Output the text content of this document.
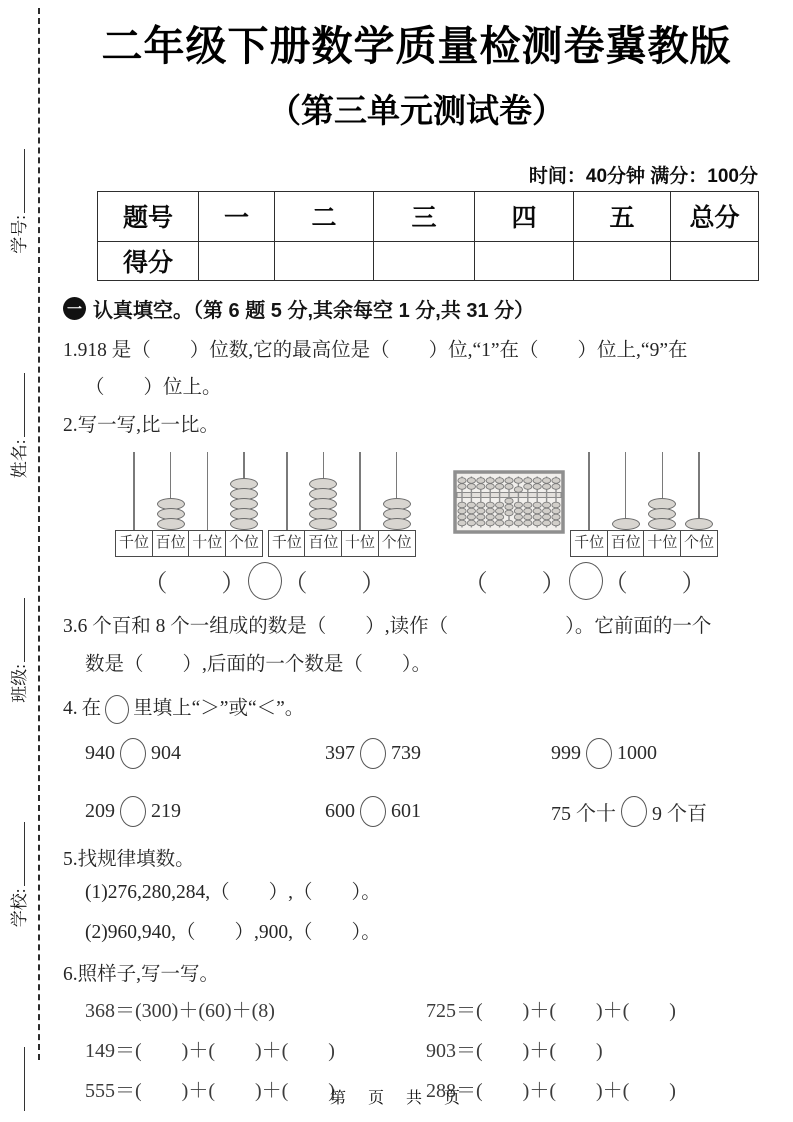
学校:
班级:
姓名:
学号:
二年级下册数学质量检测卷冀教版
（第三单元测试卷）
时间：40分钟 满分：100分
题号	一	二	三	四	五	总分
得分						
一 认真填空。（第 6 题 5 分,其余每空 1 分,共 31 分）
1.918 是（　　）位数,它的最高位是（　　）位,“1”在（　　）位上,“9”在
（　　）位上。
2.写一写,比一比。
千位 百位 十位 个位 千位 百位 十位 个位
（　　） （　　）
千位 百位 十位 个位
（　　） （　　）
3.6 个百和 8 个一组成的数是（　　）,读作（　　　　　　）。它前面的一个
数是（　　）,后面的一个数是（　　）。
4. 在 里填上“＞”或“＜”。
940 904	397 739	999 1000
209 219	600 601	75 个十 9 个百
5.找规律填数。
(1)276,280,284,（　　）,（　　）。
(2)960,940,（　　）,900,（　　）。
6.照样子,写一写。
368＝(300)＋(60)＋(8)	725＝(　　)＋(　　)＋(　　)
149＝(　　)＋(　　)＋(　　)	903＝(　　)＋(　　)
555＝(　　)＋(　　)＋(　　)	288＝(　　)＋(　　)＋(　　)
第　页　共　页
